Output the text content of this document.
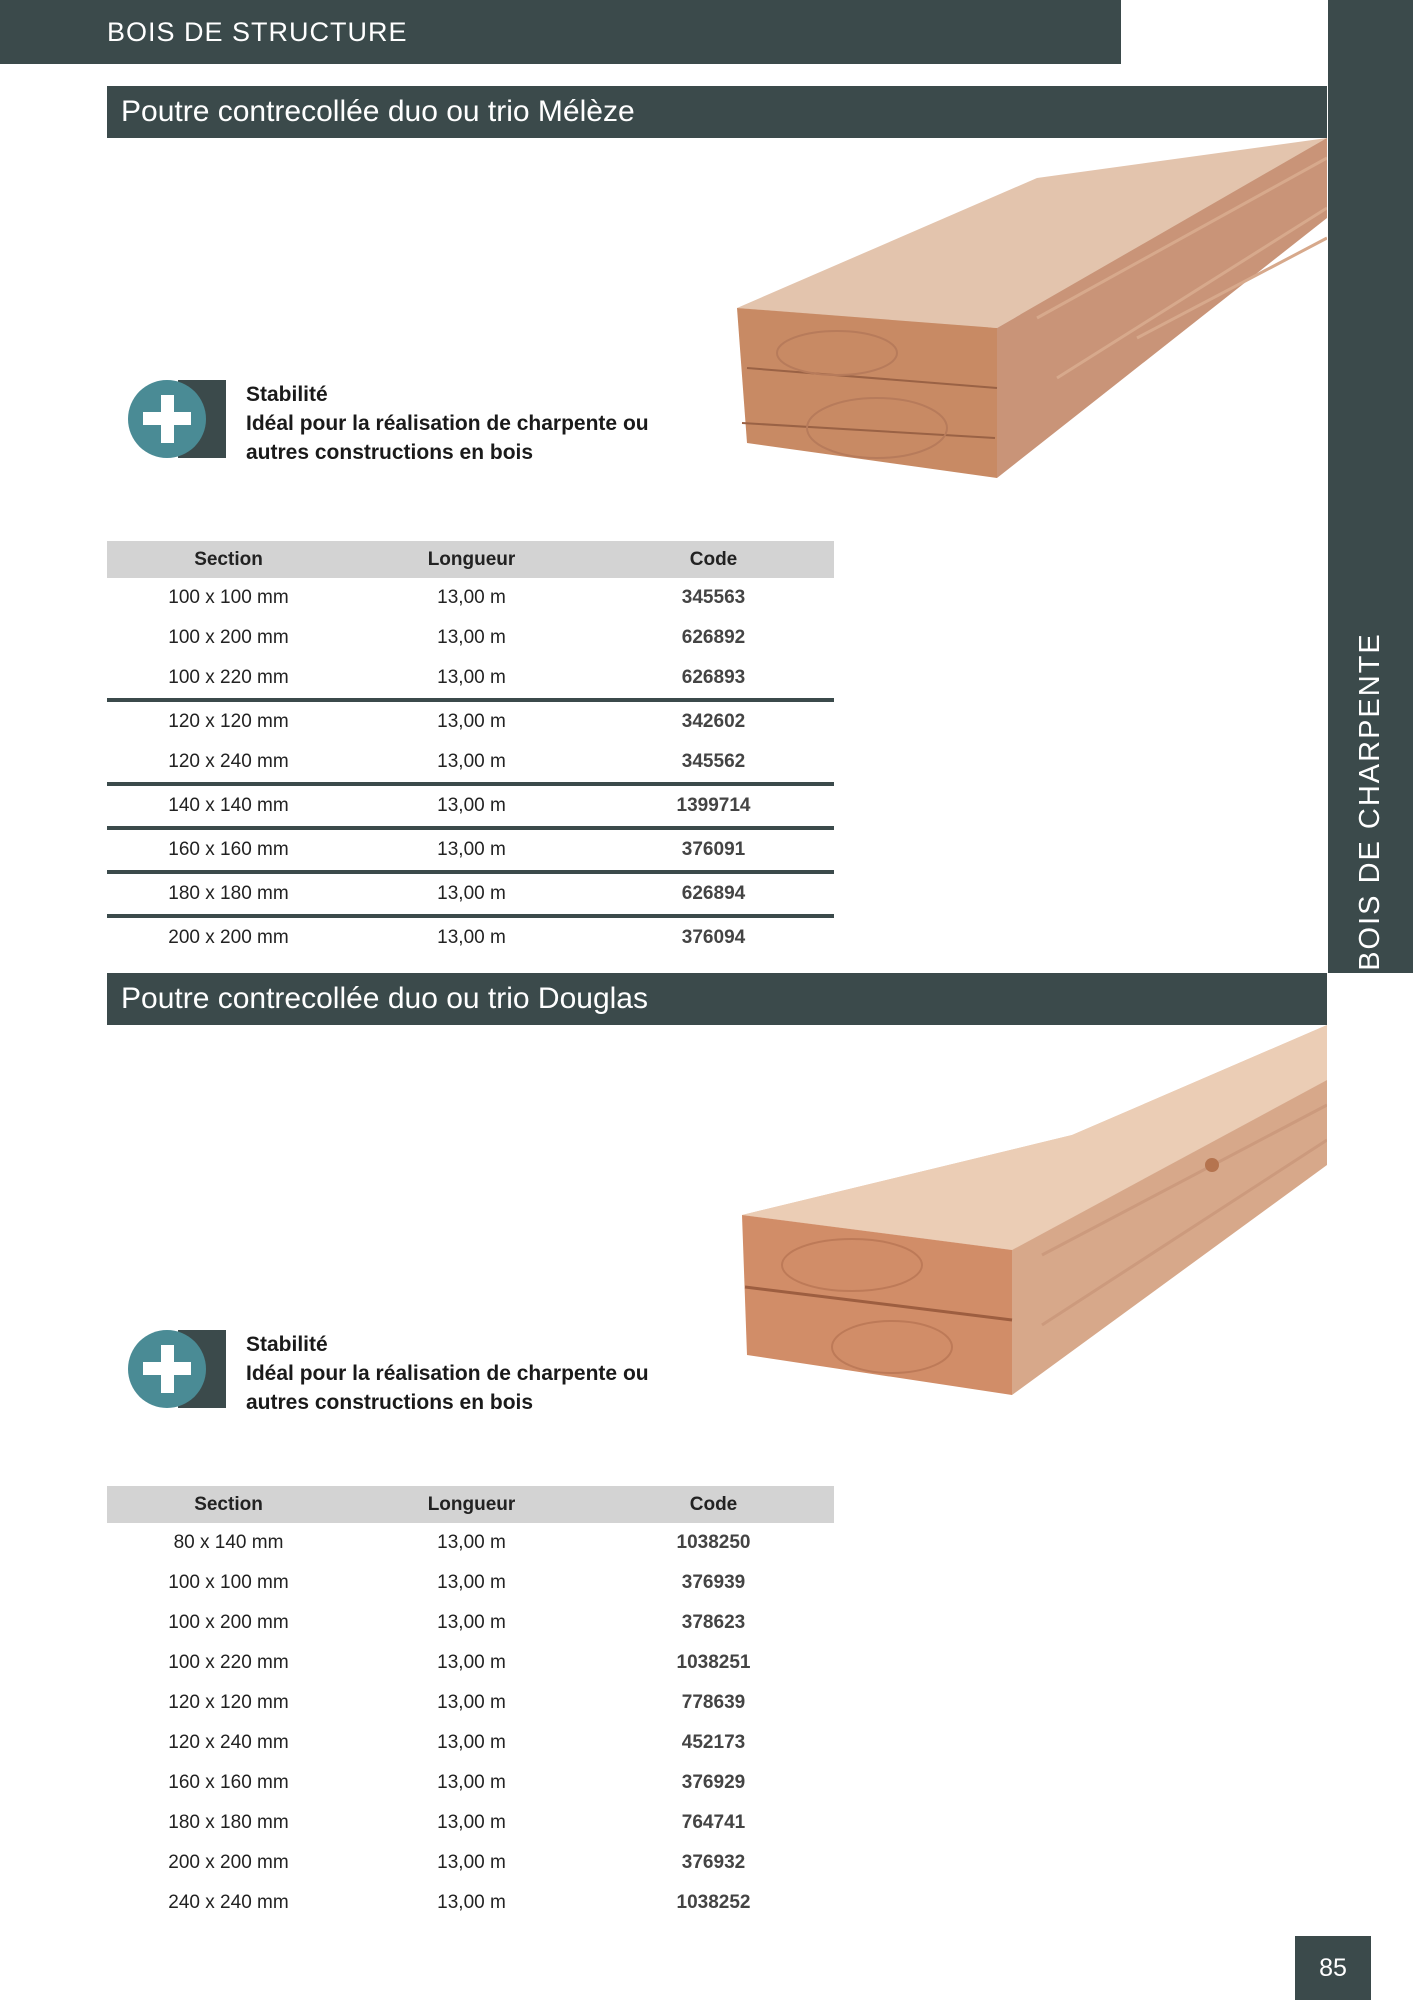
BOIS DE STRUCTURE
BOIS DE CHARPENTE
Poutre contrecollée duo ou trio Mélèze
Stabilité
Idéal pour la réalisation de charpente ou
autres constructions en bois
Section	Longueur	Code
100 x 100 mm	13,00 m	345563
100 x 200 mm	13,00 m	626892
100 x 220 mm	13,00 m	626893
120 x 120 mm	13,00 m	342602
120 x 240 mm	13,00 m	345562
140 x 140 mm	13,00 m	1399714
160 x 160 mm	13,00 m	376091
180 x 180 mm	13,00 m	626894
200 x 200 mm	13,00 m	376094
Poutre contrecollée duo ou trio Douglas
Stabilité
Idéal pour la réalisation de charpente ou
autres constructions en bois
Section	Longueur	Code
80 x 140 mm	13,00 m	1038250
100 x 100 mm	13,00 m	376939
100 x 200 mm	13,00 m	378623
100 x 220 mm	13,00 m	1038251
120 x 120 mm	13,00 m	778639
120 x 240 mm	13,00 m	452173
160 x 160 mm	13,00 m	376929
180 x 180 mm	13,00 m	764741
200 x 200 mm	13,00 m	376932
240 x 240 mm	13,00 m	1038252
85
